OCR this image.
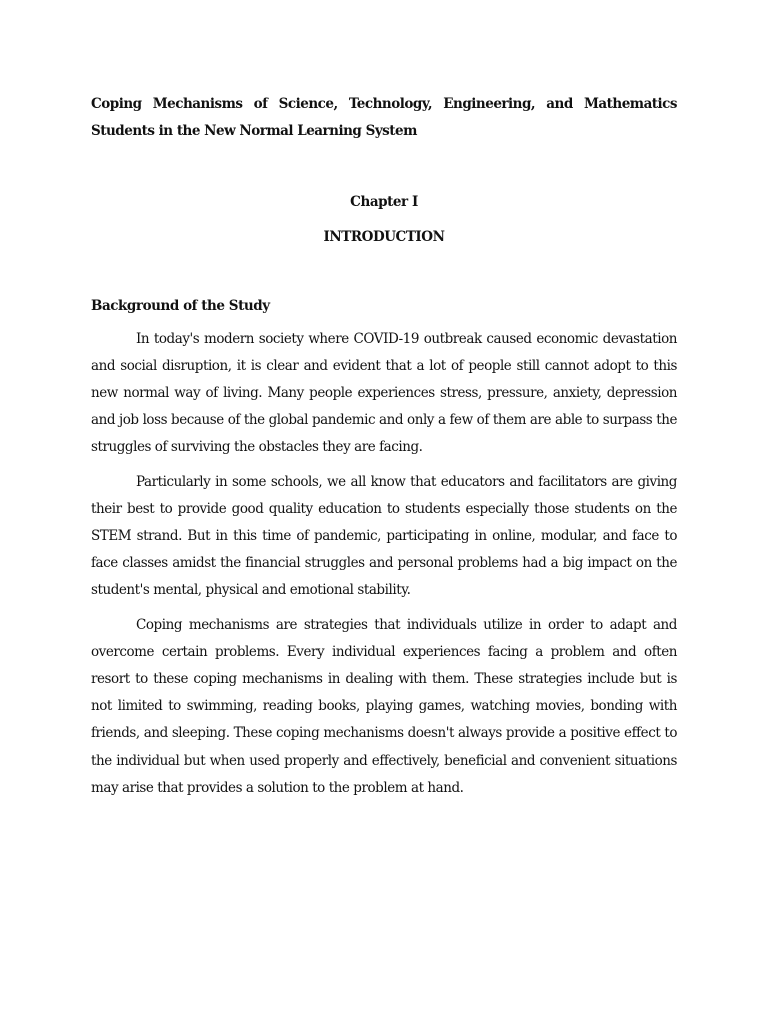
Coping Mechanisms of Science, Technology, Engineering, and Mathematics Students in the New Normal Learning System

Chapter I

INTRODUCTION

Background of the Study

In today's modern society where COVID-19 outbreak caused economic devastation and social disruption, it is clear and evident that a lot of people still cannot adopt to this new normal way of living. Many people experiences stress, pressure, anxiety, depression and job loss because of the global pandemic and only a few of them are able to surpass the struggles of surviving the obstacles they are facing.

Particularly in some schools, we all know that educators and facilitators are giving their best to provide good quality education to students especially those students on the STEM strand. But in this time of pandemic, participating in online, modular, and face to face classes amidst the financial struggles and personal problems had a big impact on the student's mental, physical and emotional stability.

Coping mechanisms are strategies that individuals utilize in order to adapt and overcome certain problems. Every individual experiences facing a problem and often resort to these coping mechanisms in dealing with them. These strategies include but is not limited to swimming, reading books, playing games, watching movies, bonding with friends, and sleeping. These coping mechanisms doesn't always provide a positive effect to the individual but when used properly and effectively, beneficial and convenient situations may arise that provides a solution to the problem at hand.
